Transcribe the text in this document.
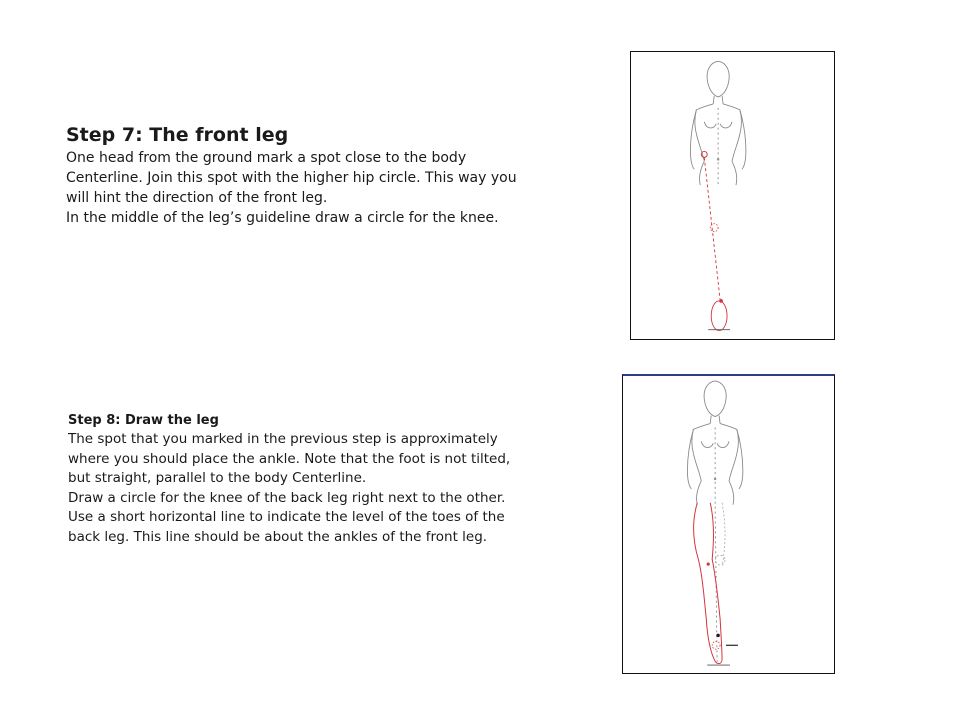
Step 7: The front leg

One head from the ground mark a spot close to the body Centerline. Join this spot with the higher hip circle. This way you will hint the direction of the front leg.

In the middle of the leg’s guideline draw a circle for the knee.

Step 8: Draw the leg

The spot that you marked in the previous step is approximately where you should place the ankle. Note that the foot is not tilted, but straight, parallel to the body Centerline.

Draw a circle for the knee of the back leg right next to the other.

Use a short horizontal line to indicate the level of the toes of the back leg. This line should be about the ankles of the front leg.
